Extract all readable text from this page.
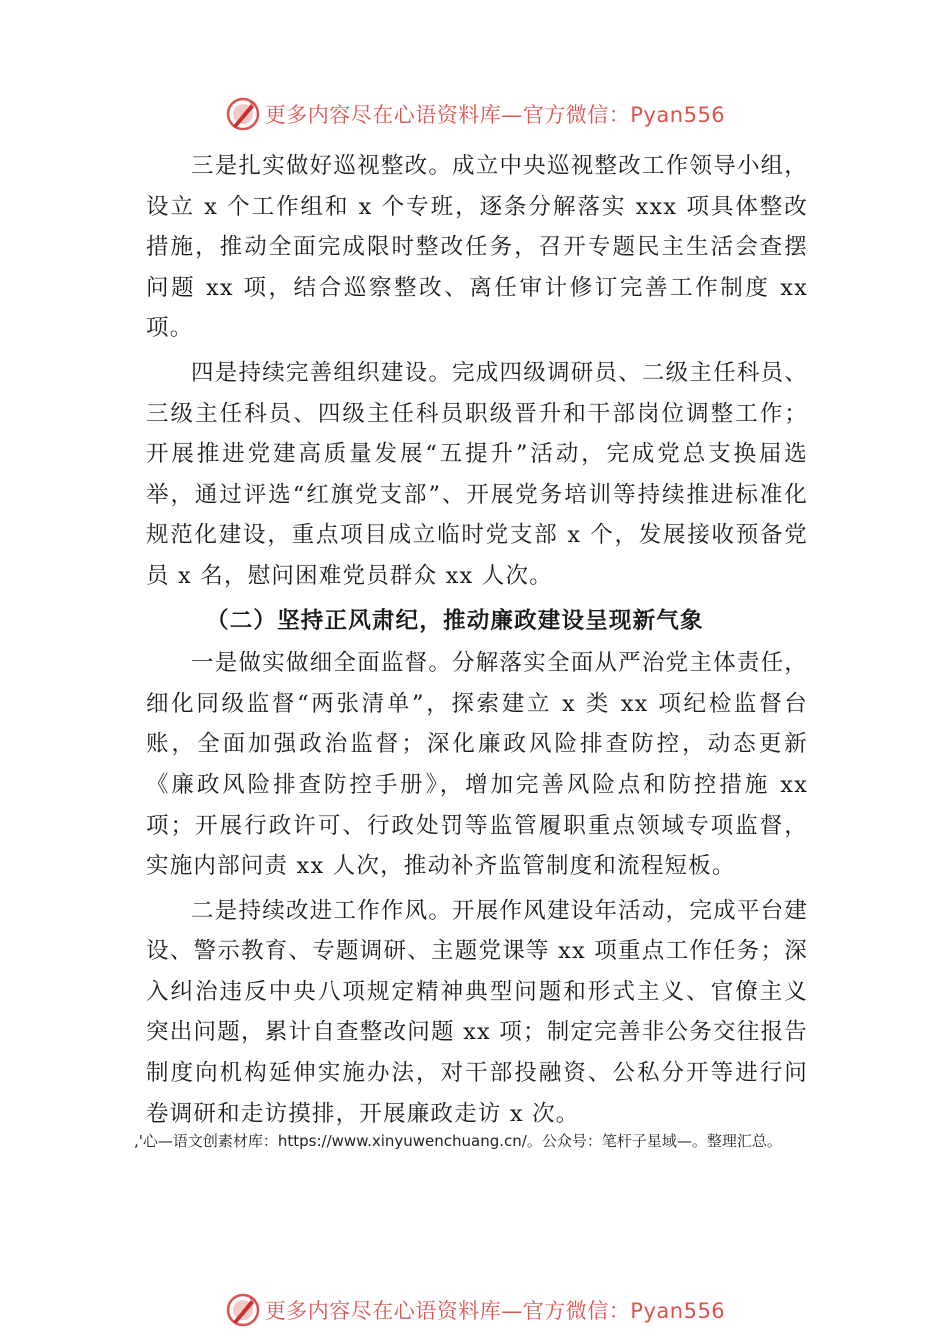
更多内容尽在心语资料库—官方微信：Pyan556

三是扎实做好巡视整改。成立中央巡视整改工作领导小组，设立 x 个工作组和 x 个专班，逐条分解落实 xxx 项具体整改措施，推动全面完成限时整改任务，召开专题民主生活会查摆问题 xx 项，结合巡察整改、离任审计修订完善工作制度 xx 项。

四是持续完善组织建设。完成四级调研员、二级主任科员、三级主任科员、四级主任科员职级晋升和干部岗位调整工作；开展推进党建高质量发展“五提升”活动，完成党总支换届选举，通过评选“红旗党支部”、开展党务培训等持续推进标准化规范化建设，重点项目成立临时党支部 x 个，发展接收预备党员 x 名，慰问困难党员群众 xx 人次。

（二）坚持正风肃纪，推动廉政建设呈现新气象

一是做实做细全面监督。分解落实全面从严治党主体责任，细化同级监督“两张清单”，探索建立 x 类 xx 项纪检监督台账，全面加强政治监督；深化廉政风险排查防控，动态更新《廉政风险排查防控手册》，增加完善风险点和防控措施 xx 项；开展行政许可、行政处罚等监管履职重点领域专项监督，实施内部问责 xx 人次，推动补齐监管制度和流程短板。

二是持续改进工作作风。开展作风建设年活动，完成平台建设、警示教育、专题调研、主题党课等 xx 项重点工作任务；深入纠治违反中央八项规定精神典型问题和形式主义、官僚主义突出问题，累计自查整改问题 xx 项；制定完善非公务交往报告制度向机构延伸实施办法，对干部投融资、公私分开等进行问卷调研和走访摸排，开展廉政走访 x 次。

,'心—语文创素材库：https://www.xinyuwenchuang.cn/。公众号：笔杆子星域—。整理汇总。
更多内容尽在心语资料库—官方微信：Pyan556
